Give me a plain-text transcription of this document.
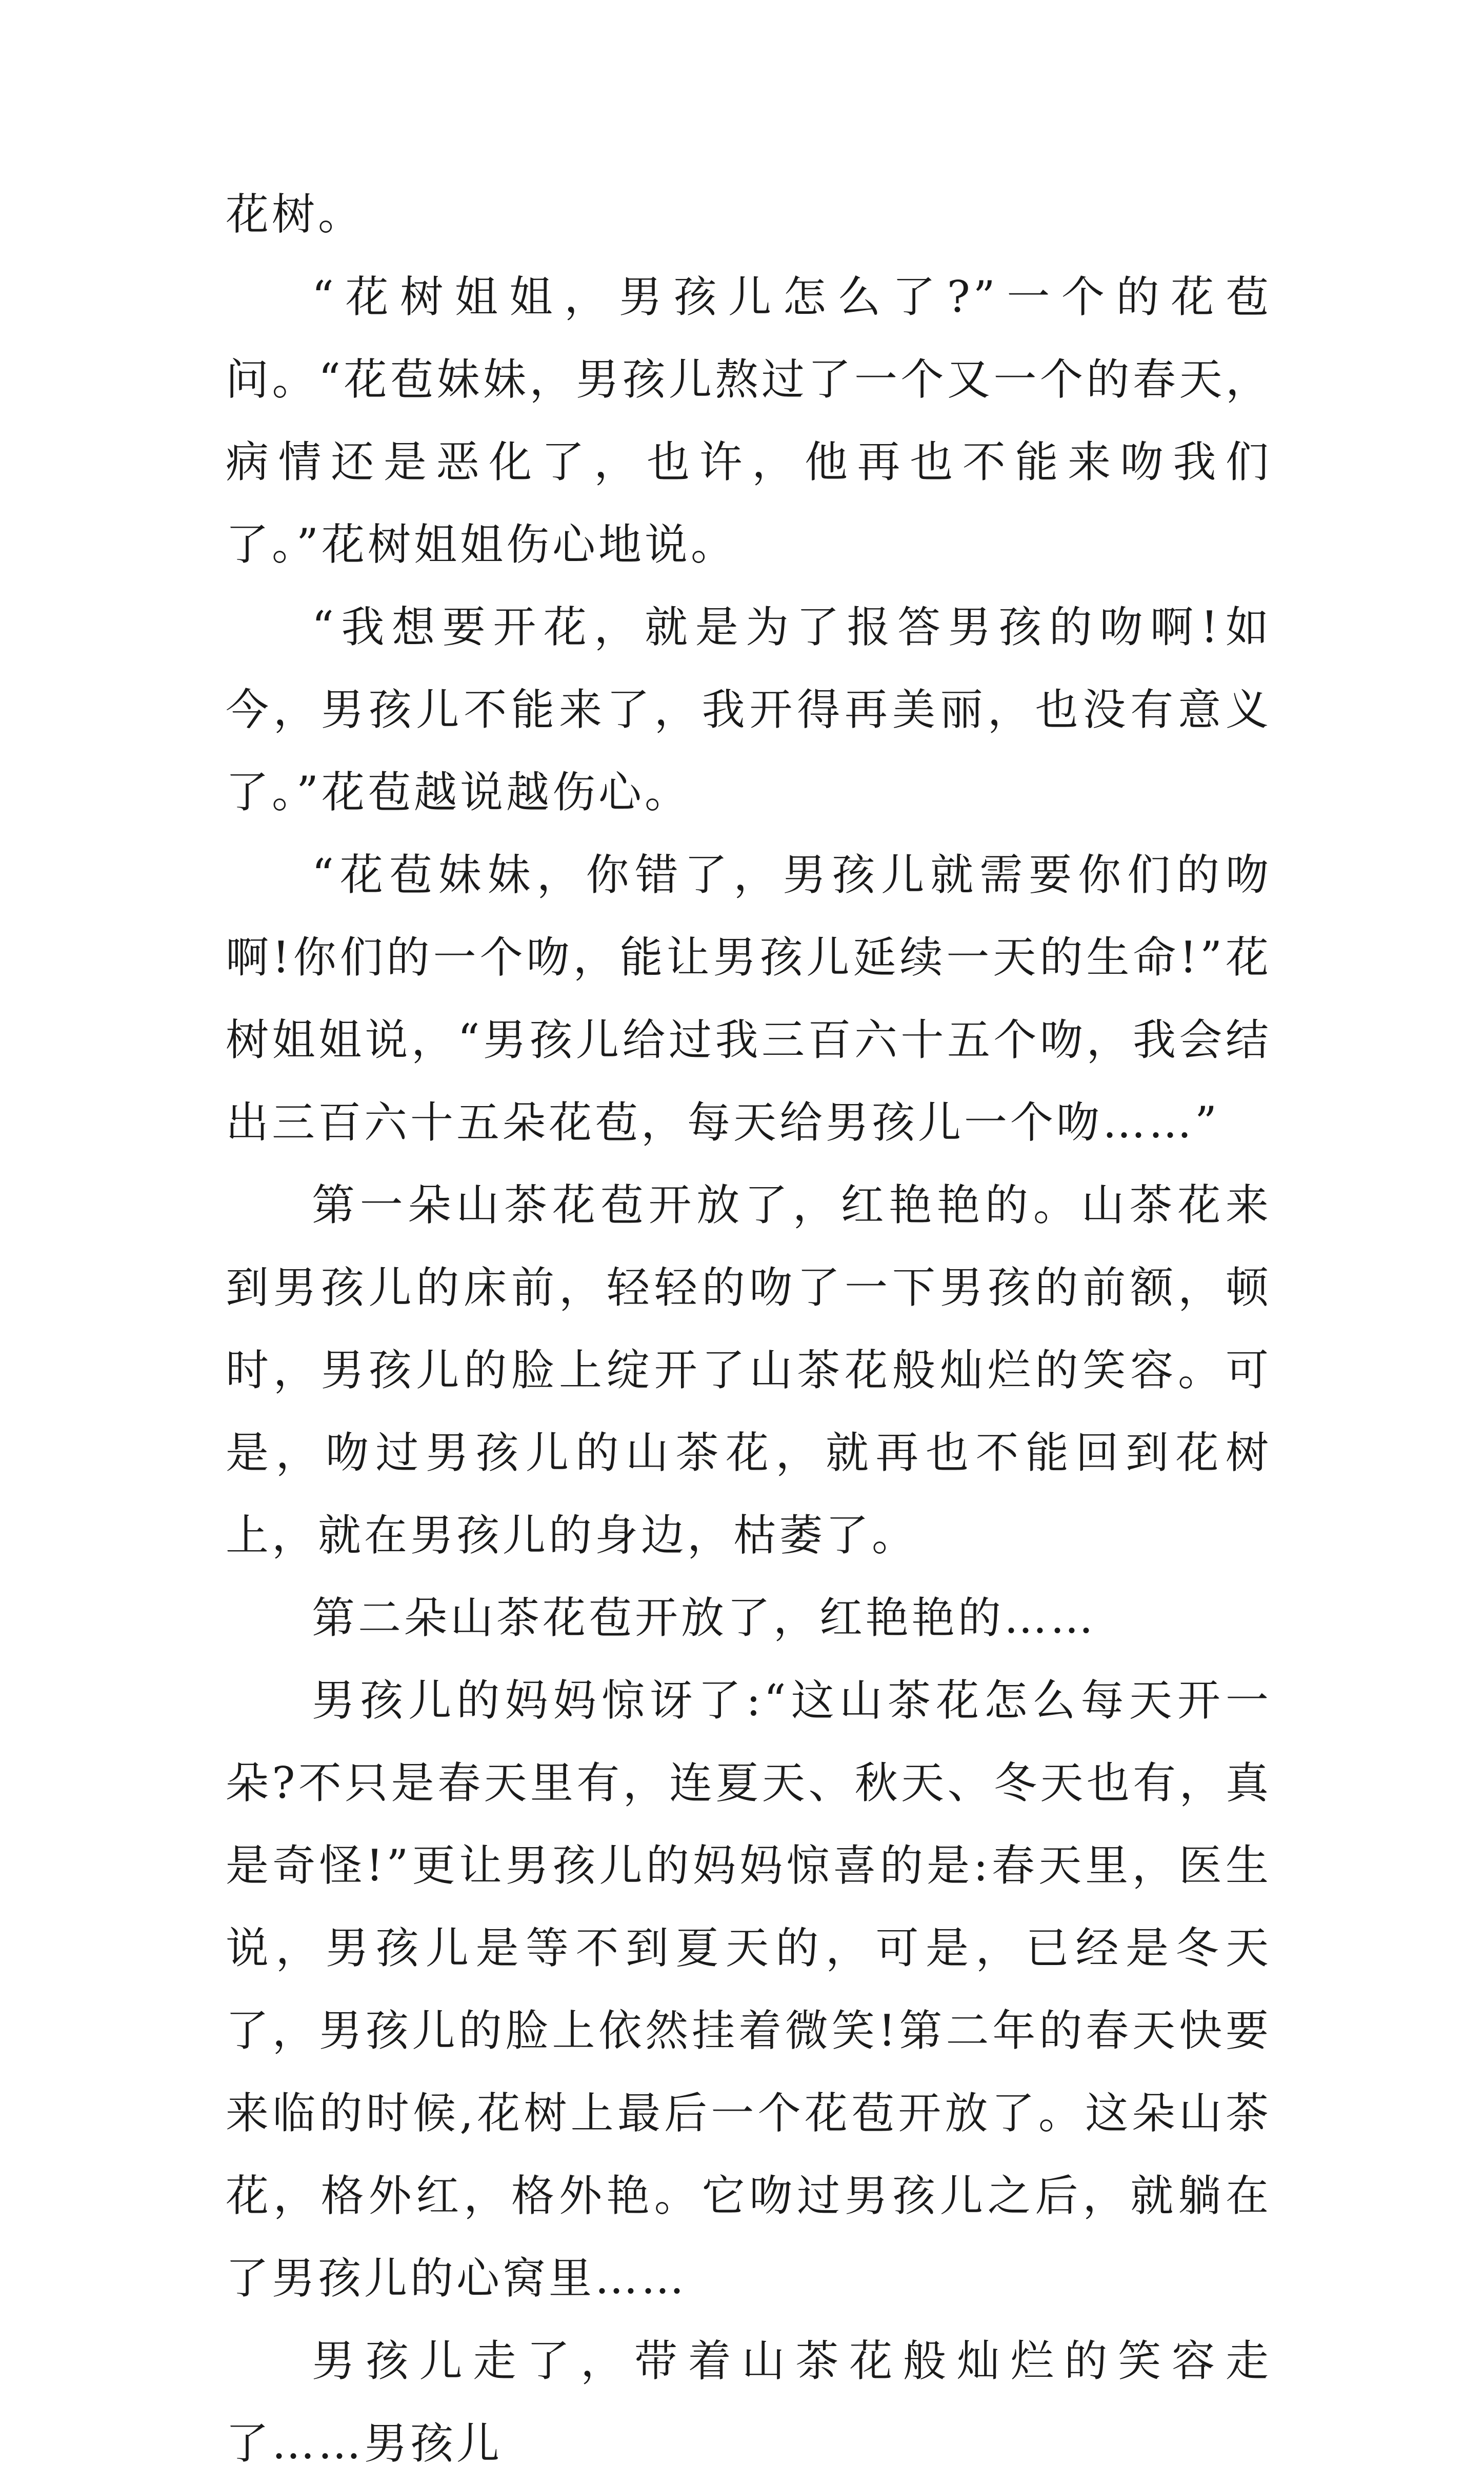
花树。

“花树姐姐，男孩儿怎么了?”一个的花苞问。“花苞妹妹，男孩儿熬过了一个又一个的春天，病情还是恶化了，也许，他再也不能来吻我们了。”花树姐姐伤心地说。

“我想要开花，就是为了报答男孩的吻啊!如今，男孩儿不能来了，我开得再美丽，也没有意义了。”花苞越说越伤心。

“花苞妹妹，你错了，男孩儿就需要你们的吻啊!你们的一个吻，能让男孩儿延续一天的生命!”花树姐姐说，“男孩儿给过我三百六十五个吻，我会结出三百六十五朵花苞，每天给男孩儿一个吻……”

第一朵山茶花苞开放了，红艳艳的。山茶花来到男孩儿的床前，轻轻的吻了一下男孩的前额，顿时，男孩儿的脸上绽开了山茶花般灿烂的笑容。可是，吻过男孩儿的山茶花，就再也不能回到花树上，就在男孩儿的身边，枯萎了。

第二朵山茶花苞开放了，红艳艳的……

男孩儿的妈妈惊讶了:“这山茶花怎么每天开一朵?不只是春天里有，连夏天、秋天、冬天也有，真是奇怪!”更让男孩儿的妈妈惊喜的是:春天里，医生说，男孩儿是等不到夏天的，可是，已经是冬天了，男孩儿的脸上依然挂着微笑!第二年的春天快要来临的时候,花树上最后一个花苞开放了。这朵山茶花，格外红，格外艳。它吻过男孩儿之后，就躺在了男孩儿的心窝里……

男孩儿走了，带着山茶花般灿烂的笑容走了……男孩儿
